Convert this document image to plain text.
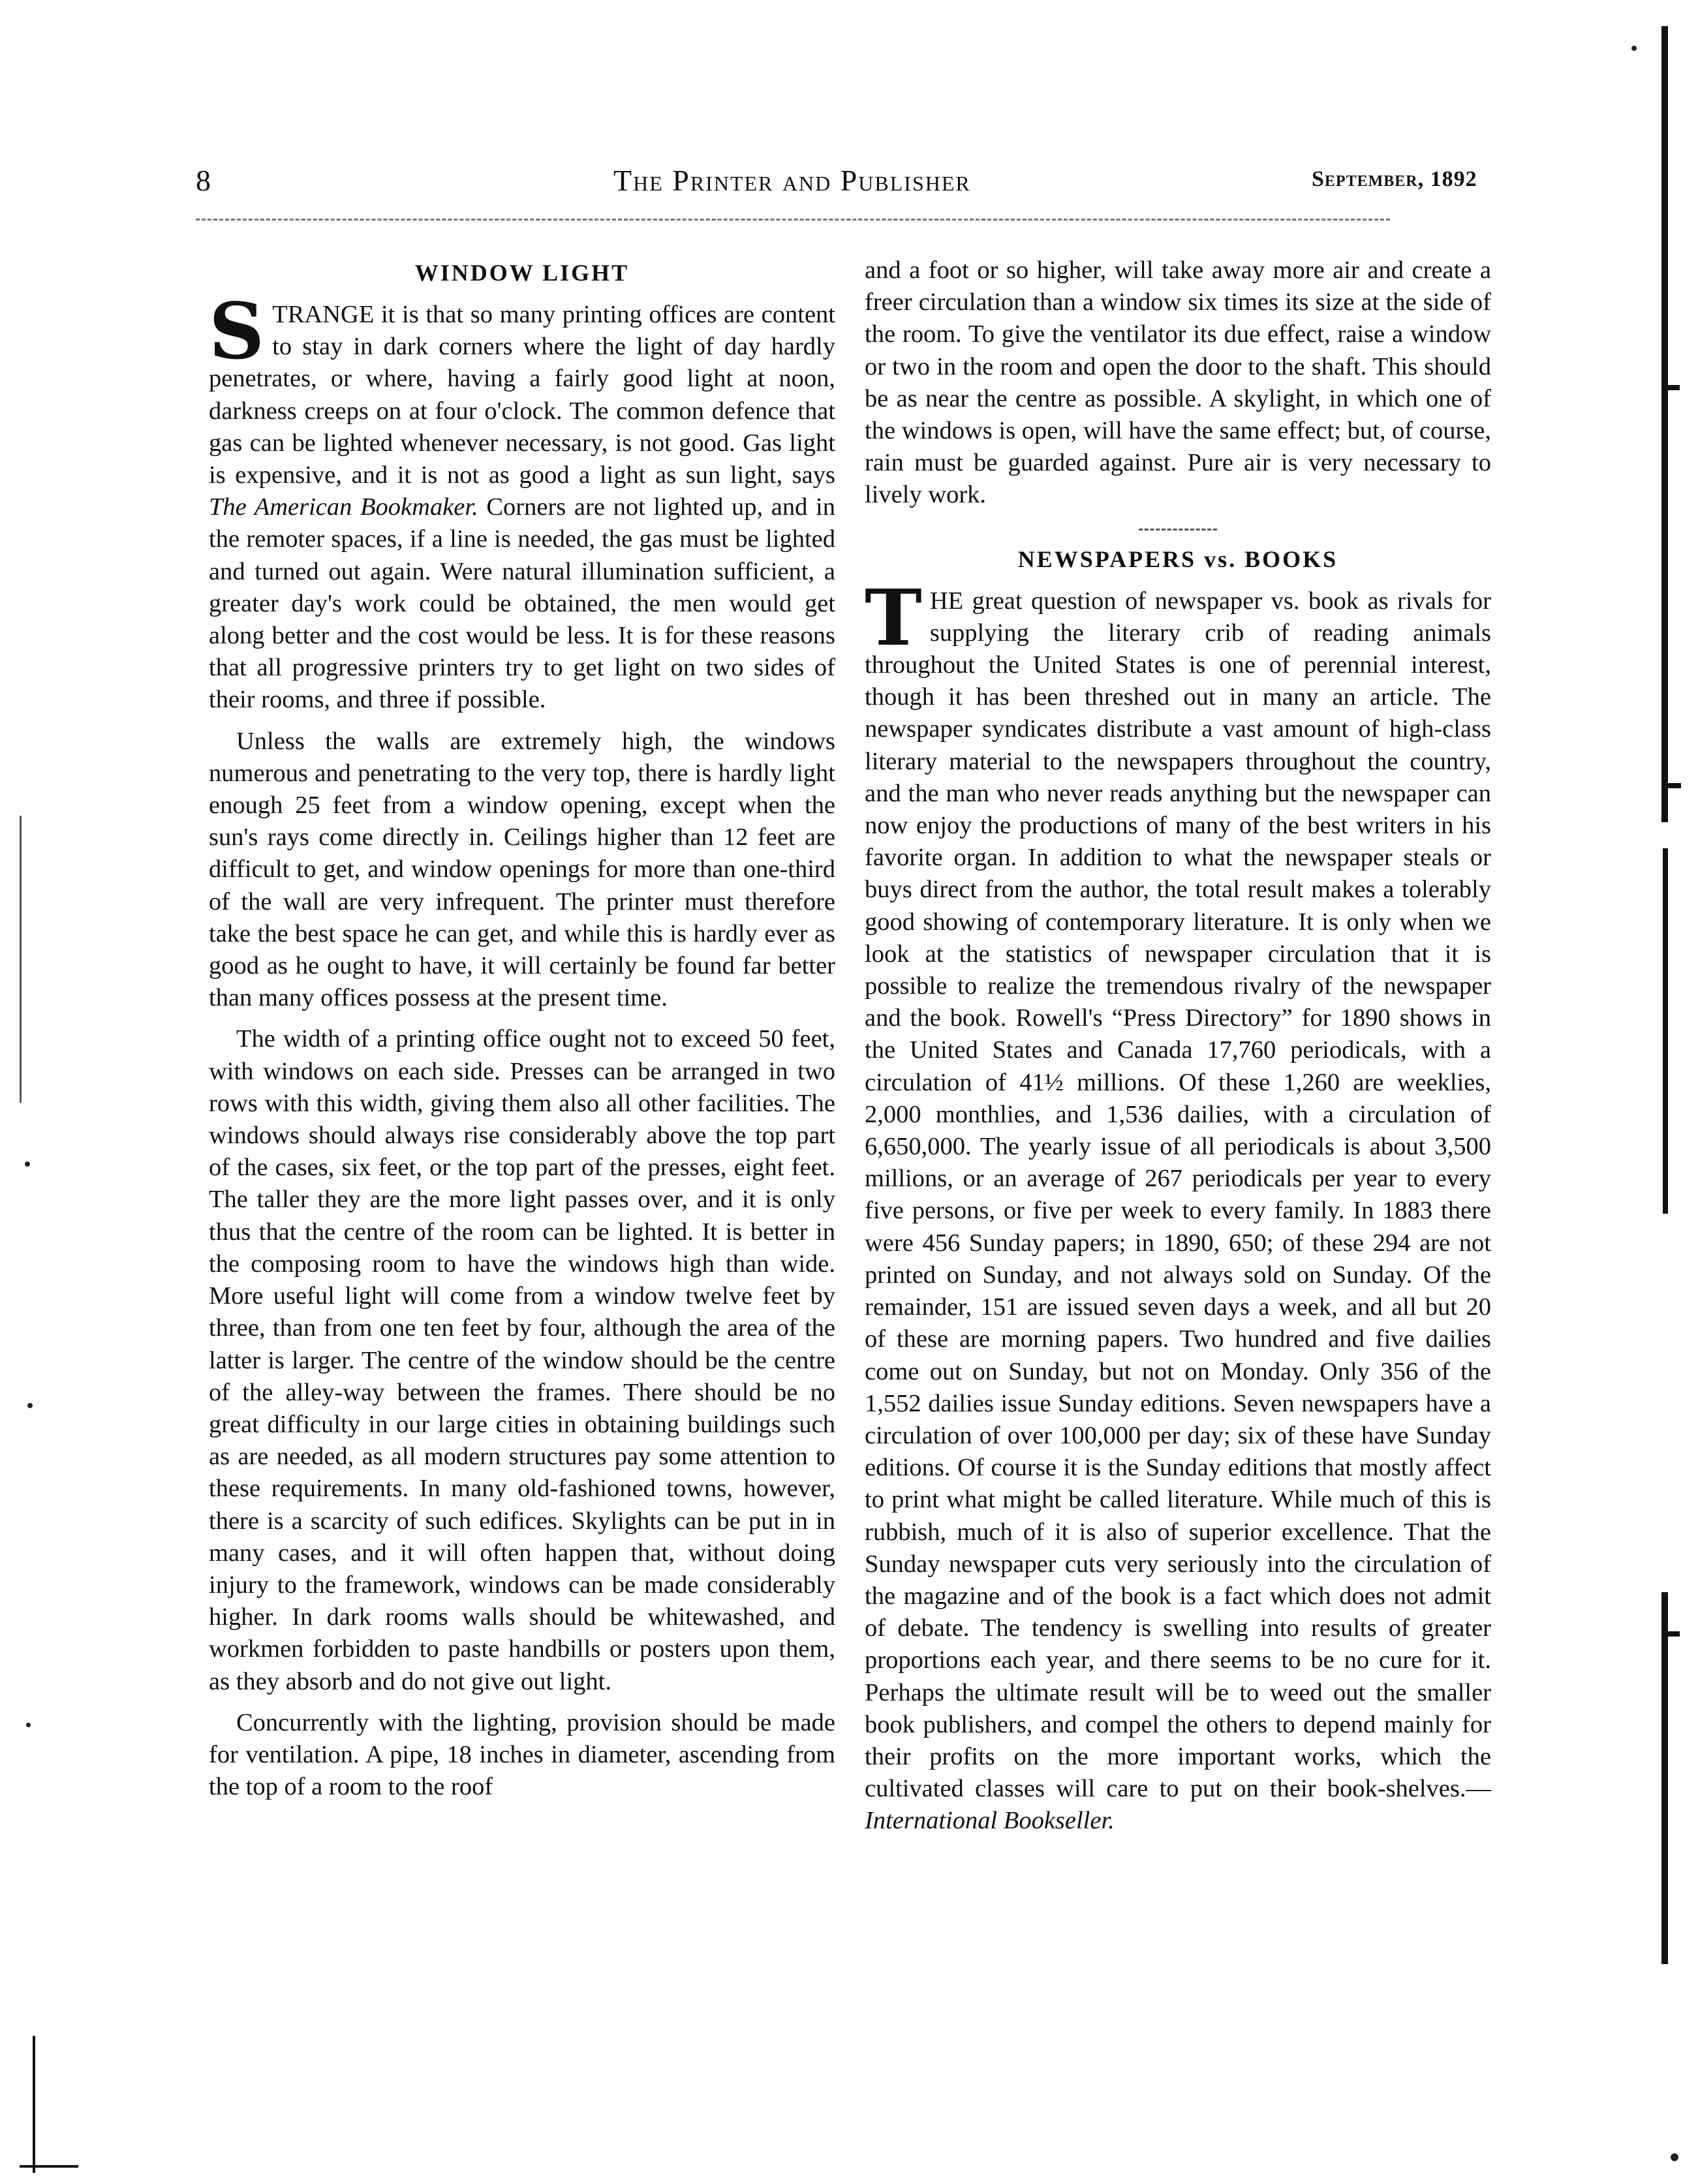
8	The Printer and Publisher	September, 1892
WINDOW LIGHT

STRANGE it is that so many printing offices are content to stay in dark corners where the light of day hardly penetrates, or where, having a fairly good light at noon, darkness creeps on at four o'clock. The common defence that gas can be lighted whenever necessary, is not good. Gas light is expensive, and it is not as good a light as sun light, says The American Bookmaker. Corners are not lighted up, and in the remoter spaces, if a line is needed, the gas must be lighted and turned out again. Were natural illumination sufficient, a greater day's work could be obtained, the men would get along better and the cost would be less. It is for these reasons that all progressive printers try to get light on two sides of their rooms, and three if possible.

Unless the walls are extremely high, the windows numerous and penetrating to the very top, there is hardly light enough 25 feet from a window opening, except when the sun's rays come directly in. Ceilings higher than 12 feet are difficult to get, and window openings for more than one-third of the wall are very infrequent. The printer must therefore take the best space he can get, and while this is hardly ever as good as he ought to have, it will certainly be found far better than many offices possess at the present time.

The width of a printing office ought not to exceed 50 feet, with windows on each side. Presses can be arranged in two rows with this width, giving them also all other facilities. The windows should always rise considerably above the top part of the cases, six feet, or the top part of the presses, eight feet. The taller they are the more light passes over, and it is only thus that the centre of the room can be lighted. It is better in the composing room to have the windows high than wide. More useful light will come from a window twelve feet by three, than from one ten feet by four, although the area of the latter is larger. The centre of the window should be the centre of the alley-way between the frames. There should be no great difficulty in our large cities in obtaining buildings such as are needed, as all modern structures pay some attention to these requirements. In many old-fashioned towns, however, there is a scarcity of such edifices. Skylights can be put in in many cases, and it will often happen that, without doing injury to the framework, windows can be made considerably higher. In dark rooms walls should be whitewashed, and workmen forbidden to paste handbills or posters upon them, as they absorb and do not give out light.

Concurrently with the lighting, provision should be made for ventilation. A pipe, 18 inches in diameter, ascending from the top of a room to the roof

and a foot or so higher, will take away more air and create a freer circulation than a window six times its size at the side of the room. To give the ventilator its due effect, raise a window or two in the room and open the door to the shaft. This should be as near the centre as possible. A skylight, in which one of the windows is open, will have the same effect; but, of course, rain must be guarded against. Pure air is very necessary to lively work.

NEWSPAPERS vs. BOOKS

THE great question of newspaper vs. book as rivals for supplying the literary crib of reading animals throughout the United States is one of perennial interest, though it has been threshed out in many an article. The newspaper syndicates distribute a vast amount of high-class literary material to the newspapers throughout the country, and the man who never reads anything but the newspaper can now enjoy the productions of many of the best writers in his favorite organ. In addition to what the newspaper steals or buys direct from the author, the total result makes a tolerably good showing of contemporary literature. It is only when we look at the statistics of newspaper circulation that it is possible to realize the tremendous rivalry of the newspaper and the book. Rowell's “Press Directory” for 1890 shows in the United States and Canada 17,760 periodicals, with a circulation of 41½ millions. Of these 1,260 are weeklies, 2,000 monthlies, and 1,536 dailies, with a circulation of 6,650,000. The yearly issue of all periodicals is about 3,500 millions, or an average of 267 periodicals per year to every five persons, or five per week to every family. In 1883 there were 456 Sunday papers; in 1890, 650; of these 294 are not printed on Sunday, and not always sold on Sunday. Of the remainder, 151 are issued seven days a week, and all but 20 of these are morning papers. Two hundred and five dailies come out on Sunday, but not on Monday. Only 356 of the 1,552 dailies issue Sunday editions. Seven newspapers have a circulation of over 100,000 per day; six of these have Sunday editions. Of course it is the Sunday editions that mostly affect to print what might be called literature. While much of this is rubbish, much of it is also of superior excellence. That the Sunday newspaper cuts very seriously into the circulation of the magazine and of the book is a fact which does not admit of debate. The tendency is swelling into results of greater proportions each year, and there seems to be no cure for it. Perhaps the ultimate result will be to weed out the smaller book publishers, and compel the others to depend mainly for their profits on the more important works, which the cultivated classes will care to put on their book-shelves.—International Bookseller.
